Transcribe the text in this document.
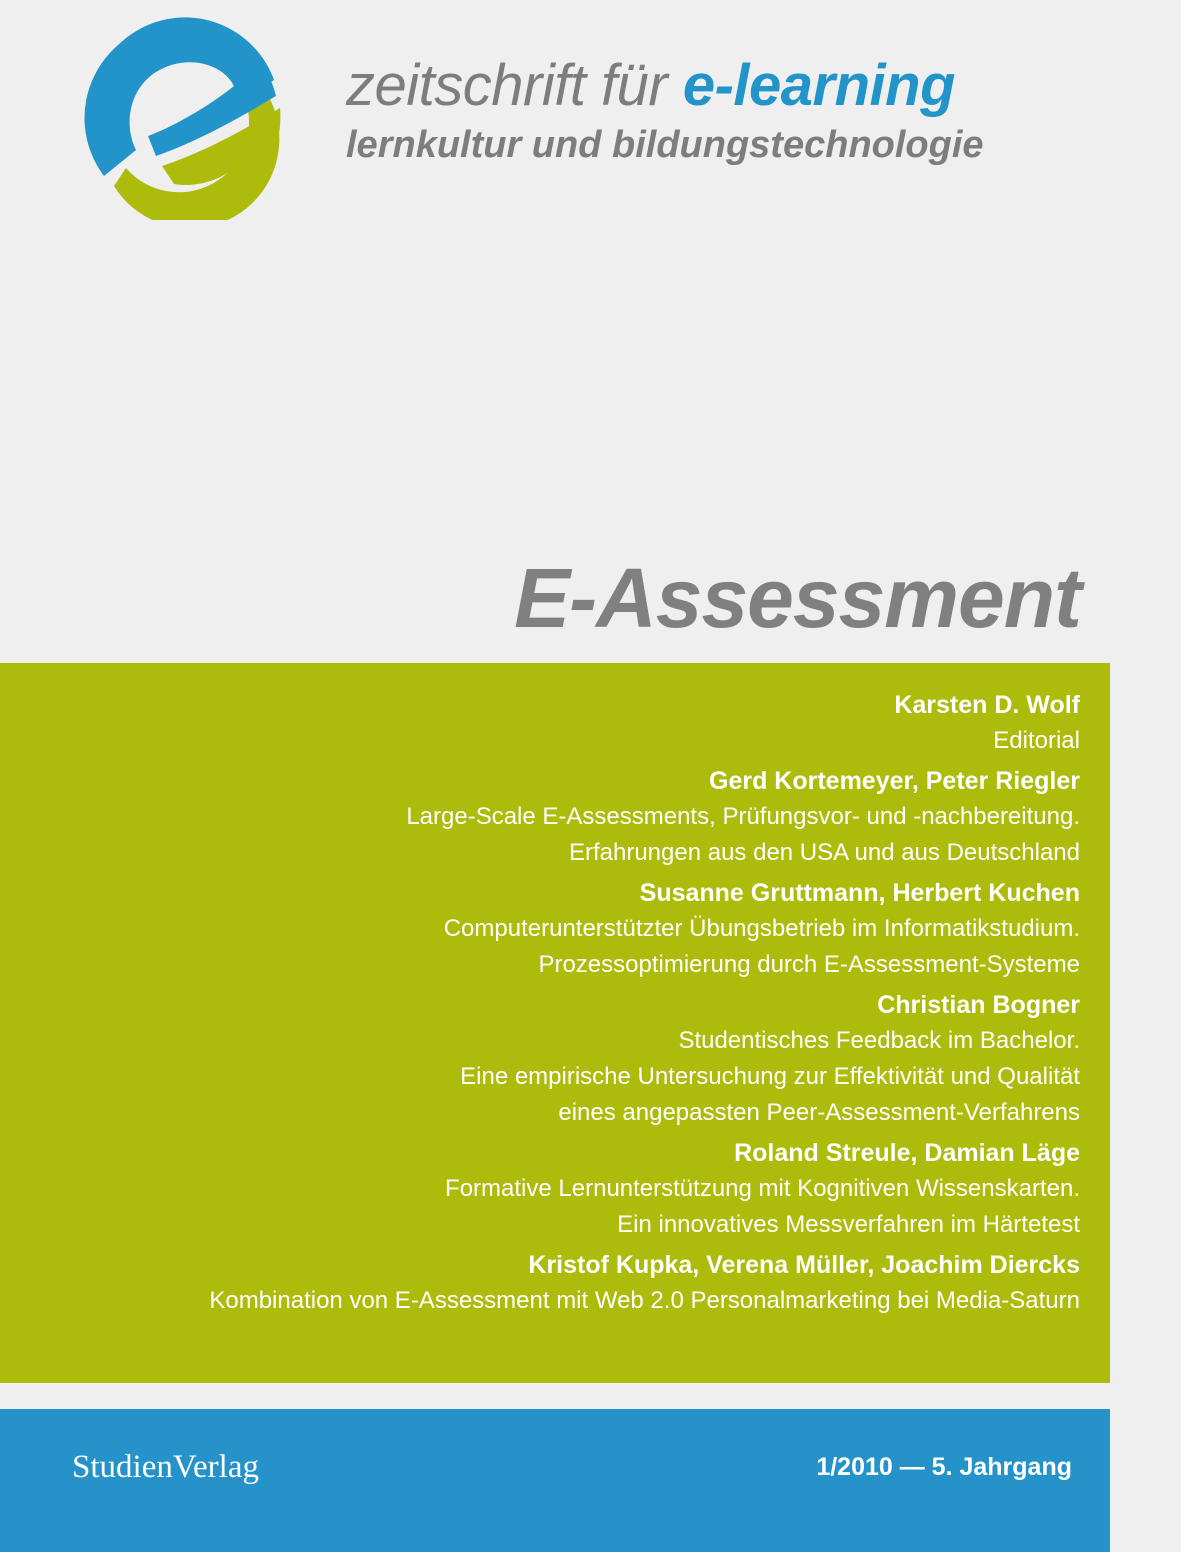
zeitschrift für e-learning
lernkultur und bildungstechnologie
E-Assessment
Karsten D. Wolf
Editorial
Gerd Kortemeyer, Peter Riegler
Large-Scale E-Assessments, Prüfungsvor- und -nachbereitung.
Erfahrungen aus den USA und aus Deutschland
Susanne Gruttmann, Herbert Kuchen
Computerunterstützter Übungsbetrieb im Informatikstudium.
Prozessoptimierung durch E-Assessment-Systeme
Christian Bogner
Studentisches Feedback im Bachelor.
Eine empirische Untersuchung zur Effektivität und Qualität
eines angepassten Peer-Assessment-Verfahrens
Roland Streule, Damian Läge
Formative Lernunterstützung mit Kognitiven Wissenskarten.
Ein innovatives Messverfahren im Härtetest
Kristof Kupka, Verena Müller, Joachim Diercks
Kombination von E-Assessment mit Web 2.0 Personalmarketing bei Media-Saturn
StudienVerlag	1/2010 — 5. Jahrgang
